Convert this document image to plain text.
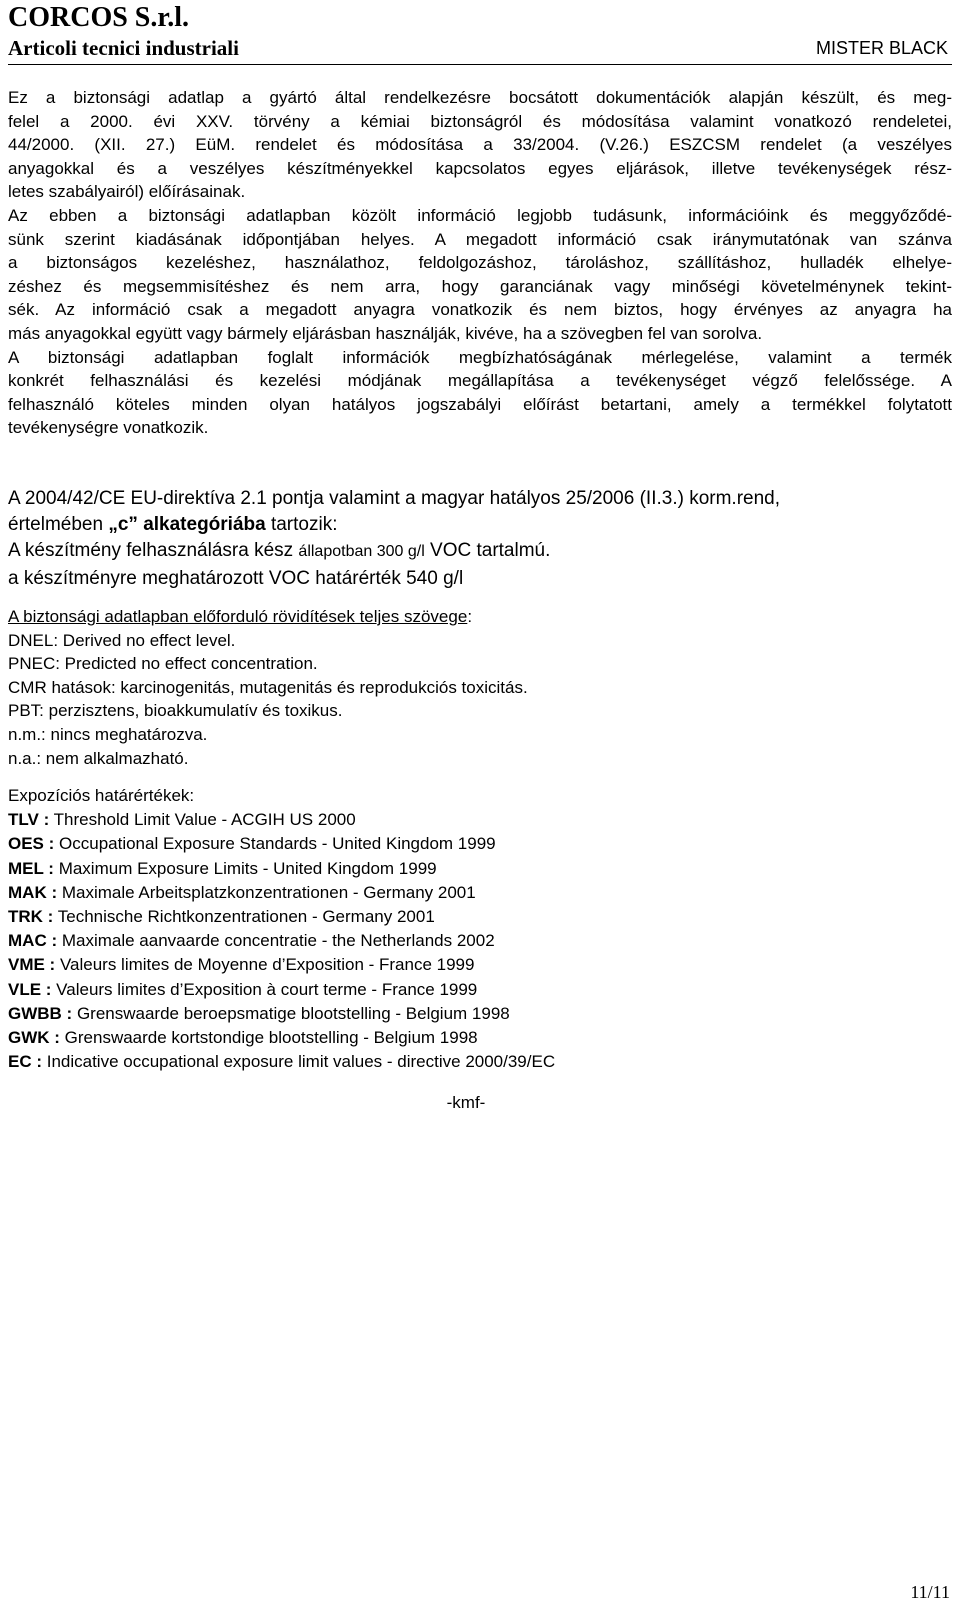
CORCOS S.r.l.
Articoli tecnici industriali	MISTER BLACK

Ez a biztonsági adatlap a gyártó által rendelkezésre bocsátott dokumentációk alapján készült, és meg-
felel a 2000. évi XXV. törvény a kémiai biztonságról és módosítása valamint vonatkozó rendeletei,
44/2000. (XII. 27.) EüM. rendelet és módosítása a 33/2004. (V.26.) ESZCSM rendelet (a veszélyes
anyagokkal és a veszélyes készítményekkel kapcsolatos egyes eljárások, illetve tevékenységek rész-
letes szabályairól) előírásainak.

Az ebben a biztonsági adatlapban közölt információ legjobb tudásunk, információink és meggyőződé-
sünk szerint kiadásának időpontjában helyes. A megadott információ csak iránymutatónak van szánva
a biztonságos kezeléshez, használathoz, feldolgozáshoz, tároláshoz, szállításhoz, hulladék elhelye-
zéshez és megsemmisítéshez és nem arra, hogy garanciának vagy minőségi követelménynek tekint-
sék. Az információ csak a megadott anyagra vonatkozik és nem biztos, hogy érvényes az anyagra ha
más anyagokkal együtt vagy bármely eljárásban használják, kivéve, ha a szövegben fel van sorolva.

A biztonsági adatlapban foglalt információk megbízhatóságának mérlegelése, valamint a termék
konkrét felhasználási és kezelési módjának megállapítása a tevékenységet végző felelőssége. A
felhasználó köteles minden olyan hatályos jogszabályi előírást betartani, amely a termékkel folytatott
tevékenységre vonatkozik.

A 2004/42/CE EU-direktíva 2.1 pontja valamint a magyar hatályos 25/2006 (II.3.) korm.rend,
értelmében „c” alkategóriába tartozik:
A készítmény felhasználásra kész állapotban 300 g/l VOC tartalmú.
a készítményre meghatározott VOC határérték 540 g/l
A biztonsági adatlapban előforduló rövidítések teljes szövege:
DNEL: Derived no effect level.
PNEC: Predicted no effect concentration.
CMR hatások: karcinogenitás, mutagenitás és reprodukciós toxicitás.
PBT: perzisztens, bioakkumulatív és toxikus.
n.m.: nincs meghatározva.
n.a.: nem alkalmazható.
Expozíciós határértékek:
TLV : Threshold Limit Value - ACGIH US 2000
OES : Occupational Exposure Standards - United Kingdom 1999
MEL : Maximum Exposure Limits - United Kingdom 1999
MAK : Maximale Arbeitsplatzkonzentrationen - Germany 2001
TRK : Technische Richtkonzentrationen - Germany 2001
MAC : Maximale aanvaarde concentratie - the Netherlands 2002
VME : Valeurs limites de Moyenne d’Exposition - France 1999
VLE : Valeurs limites d’Exposition à court terme - France 1999
GWBB : Grenswaarde beroepsmatige blootstelling - Belgium 1998
GWK : Grenswaarde kortstondige blootstelling - Belgium 1998
EC : Indicative occupational exposure limit values - directive 2000/39/EC
-kmf-
11/11
